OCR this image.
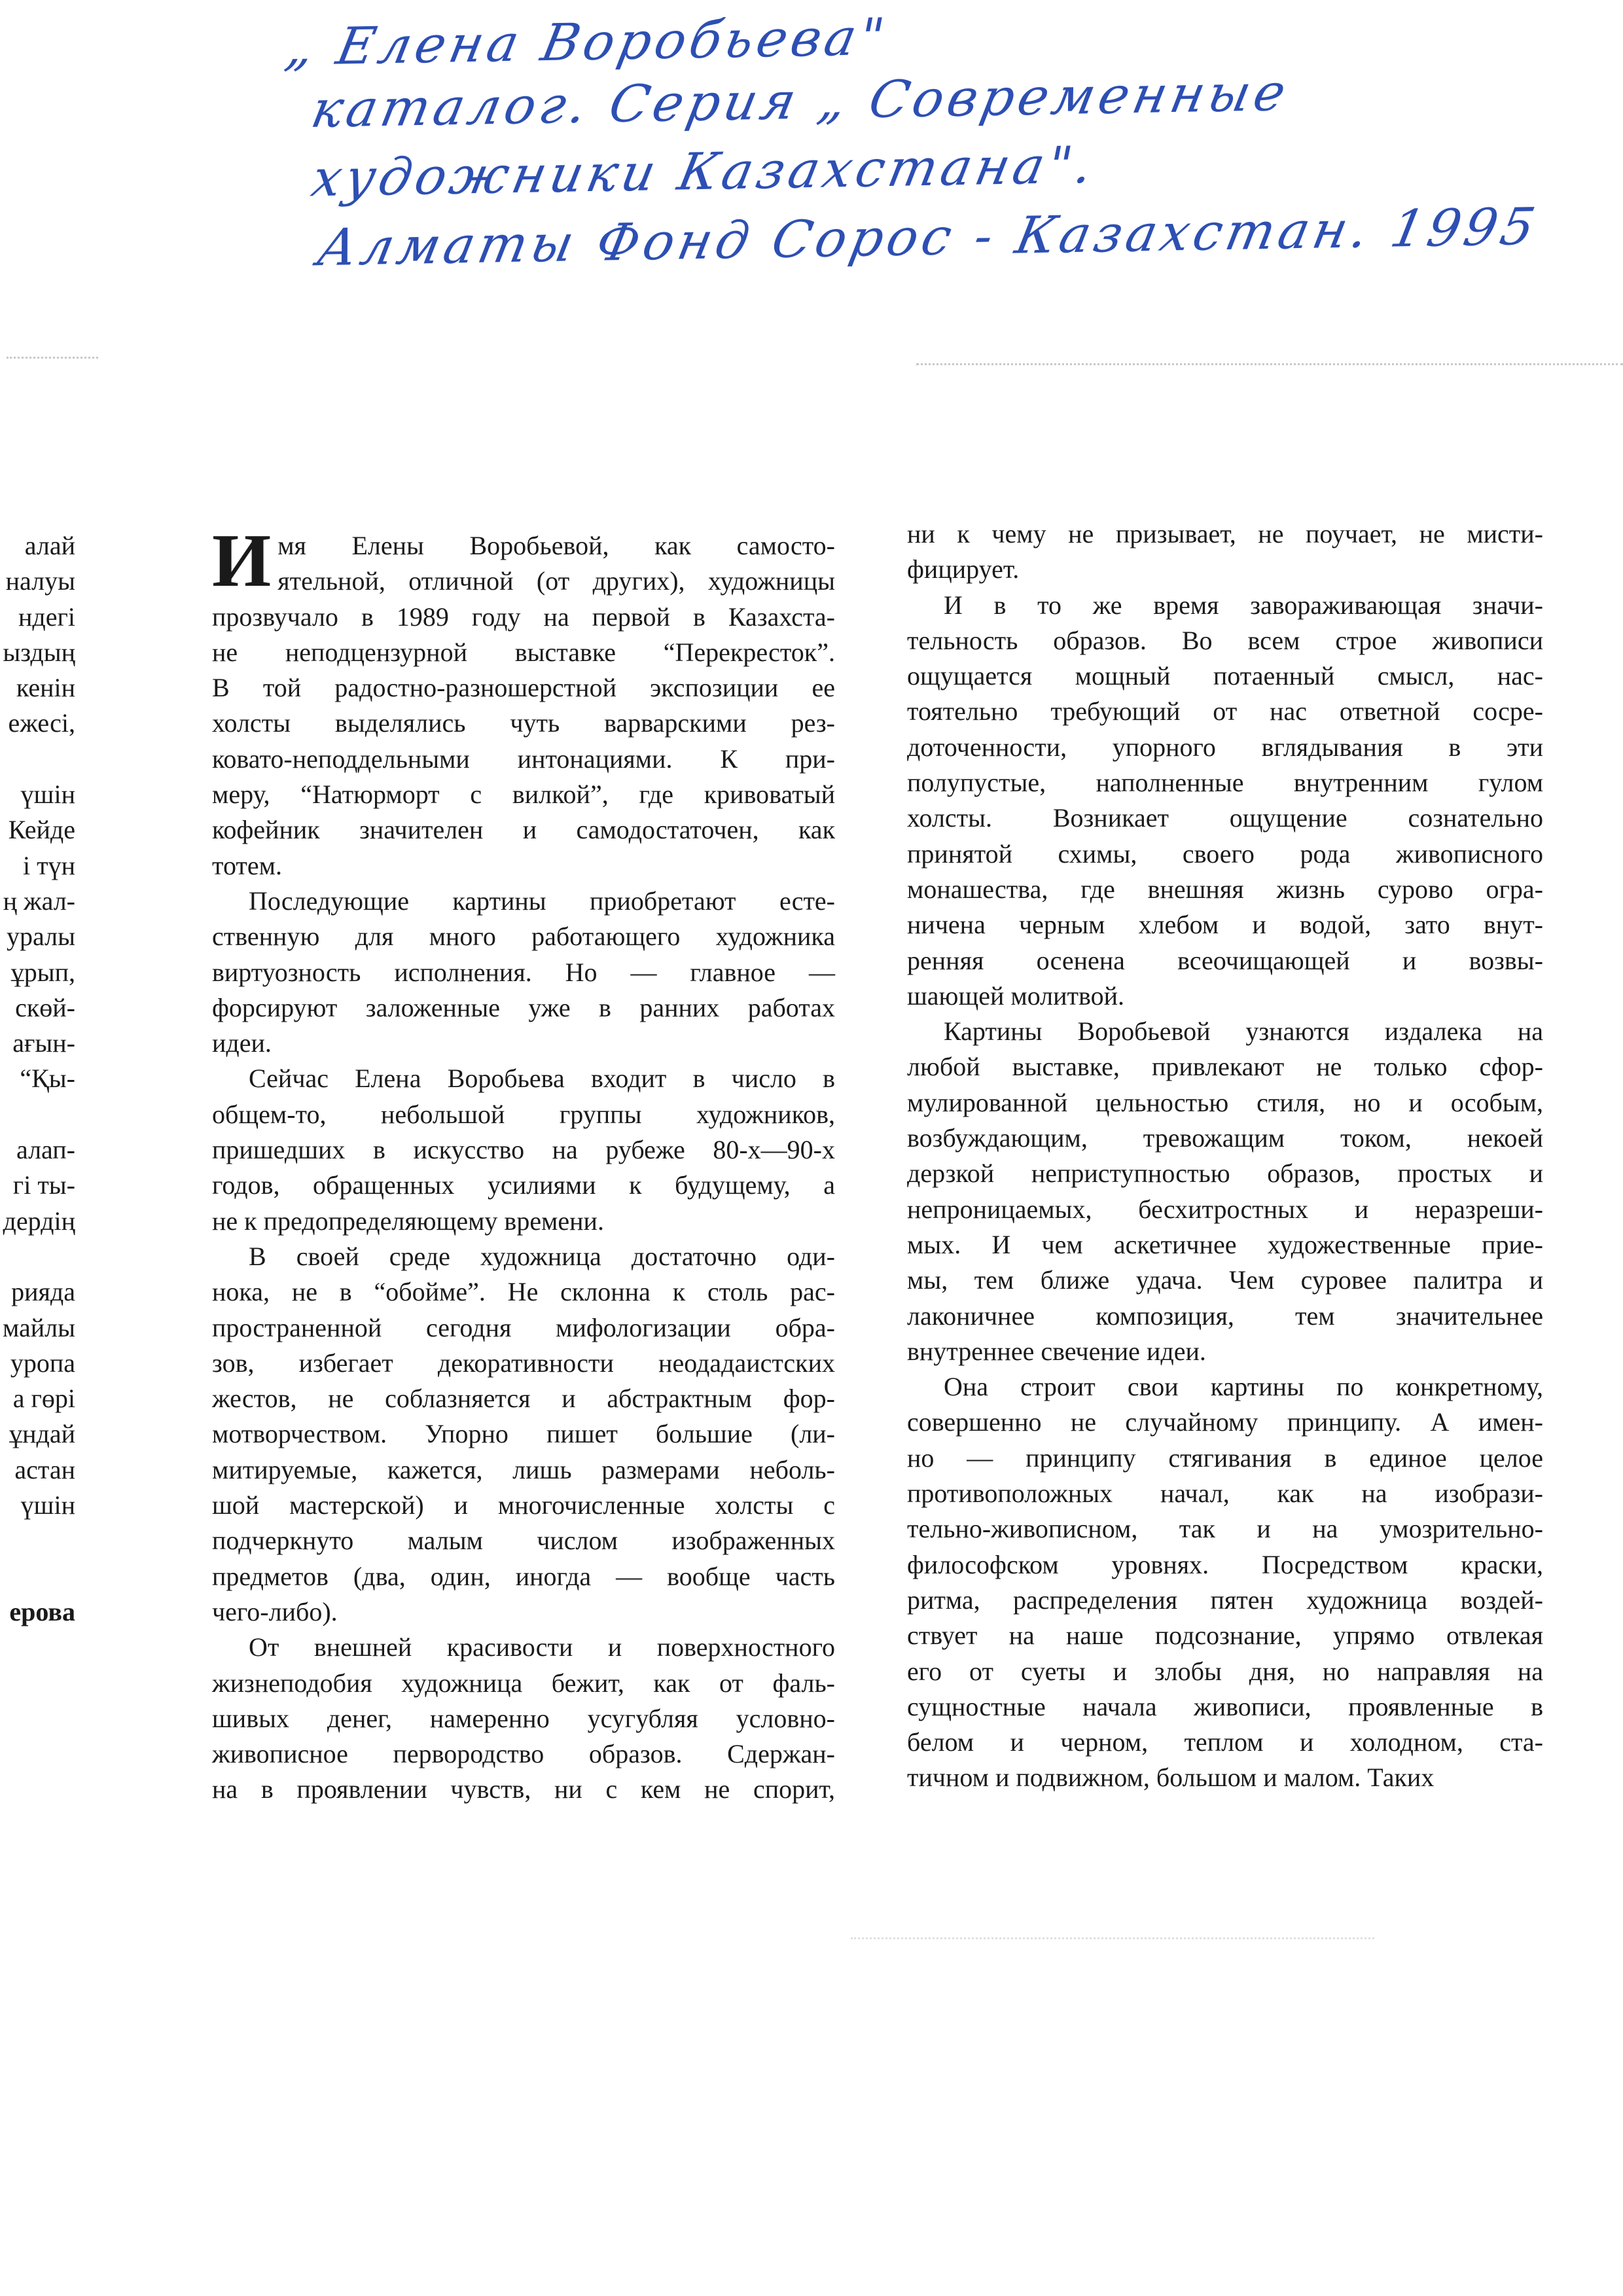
„ Елена Воробьева"
каталог. Серия „ Современные
художники Казахстана".
Алматы Фонд Сорос - Казахстан. 1995
алай
налуы
ндегі
ыздың
кенін
ежесі,
үшін
Кейде
і түн
ң жал-
уралы
ұрып,
скөй-
ағын-
“Қы-
алап-
гі ты-
дердің
рияда
майлы
уропа
а гөрі
ұндай
астан
үшін
ерова
И мя Елены Воробьевой, как самосто-
ятельной, отличной (от других), художницы
прозвучало в 1989 году на первой в Казахста-
не неподцензурной выставке “Перекресток”.
В той радостно-разношерстной экспозиции ее
холсты выделялись чуть варварскими рез-
ковато-неподдельными интонациями. К при-
меру, “Натюрморт с вилкой”, где кривоватый
кофейник значителен и самодостаточен, как
тотем.
Последующие картины приобретают есте-
ственную для много работающего художника
виртуозность исполнения. Но — главное —
форсируют заложенные уже в ранних работах
идеи.
Сейчас Елена Воробьева входит в число в
общем-то, небольшой группы художников,
пришедших в искусство на рубеже 80-х—90-х
годов, обращенных усилиями к будущему, а
не к предопределяющему времени.
В своей среде художница достаточно оди-
нока, не в “обойме”. Не склонна к столь рас-
пространенной сегодня мифологизации обра-
зов, избегает декоративности неодадаистских
жестов, не соблазняется и абстрактным фор-
мотворчеством. Упорно пишет большие (ли-
митируемые, кажется, лишь размерами неболь-
шой мастерской) и многочисленные холсты с
подчеркнуто малым числом изображенных
предметов (два, один, иногда — вообще часть
чего-либо).
От внешней красивости и поверхностного
жизнеподобия художница бежит, как от фаль-
шивых денег, намеренно усугубляя условно-
живописное первородство образов. Сдержан-
на в проявлении чувств, ни с кем не спорит,
ни к чему не призывает, не поучает, не мисти-
фицирует.
И в то же время завораживающая значи-
тельность образов. Во всем строе живописи
ощущается мощный потаенный смысл, нас-
тоятельно требующий от нас ответной сосре-
доточенности, упорного вглядывания в эти
полупустые, наполненные внутренним гулом
холсты. Возникает ощущение сознательно
принятой схимы, своего рода живописного
монашества, где внешняя жизнь сурово огра-
ничена черным хлебом и водой, зато внут-
ренняя осенена всеочищающей и возвы-
шающей молитвой.
Картины Воробьевой узнаются издалека на
любой выставке, привлекают не только сфор-
мулированной цельностью стиля, но и особым,
возбуждающим, тревожащим током, некоей
дерзкой неприступностью образов, простых и
непроницаемых, бесхитростных и неразреши-
мых. И чем аскетичнее художественные прие-
мы, тем ближе удача. Чем суровее палитра и
лаконичнее композиция, тем значительнее
внутреннее свечение идеи.
Она строит свои картины по конкретному,
совершенно не случайному принципу. А имен-
но — принципу стягивания в единое целое
противоположных начал, как на изобрази-
тельно-живописном, так и на умозрительно-
философском уровнях. Посредством краски,
ритма, распределения пятен художница воздей-
ствует на наше подсознание, упрямо отвлекая
его от суеты и злобы дня, но направляя на
сущностные начала живописи, проявленные в
белом и черном, теплом и холодном, ста-
тичном и подвижном, большом и малом. Таких
